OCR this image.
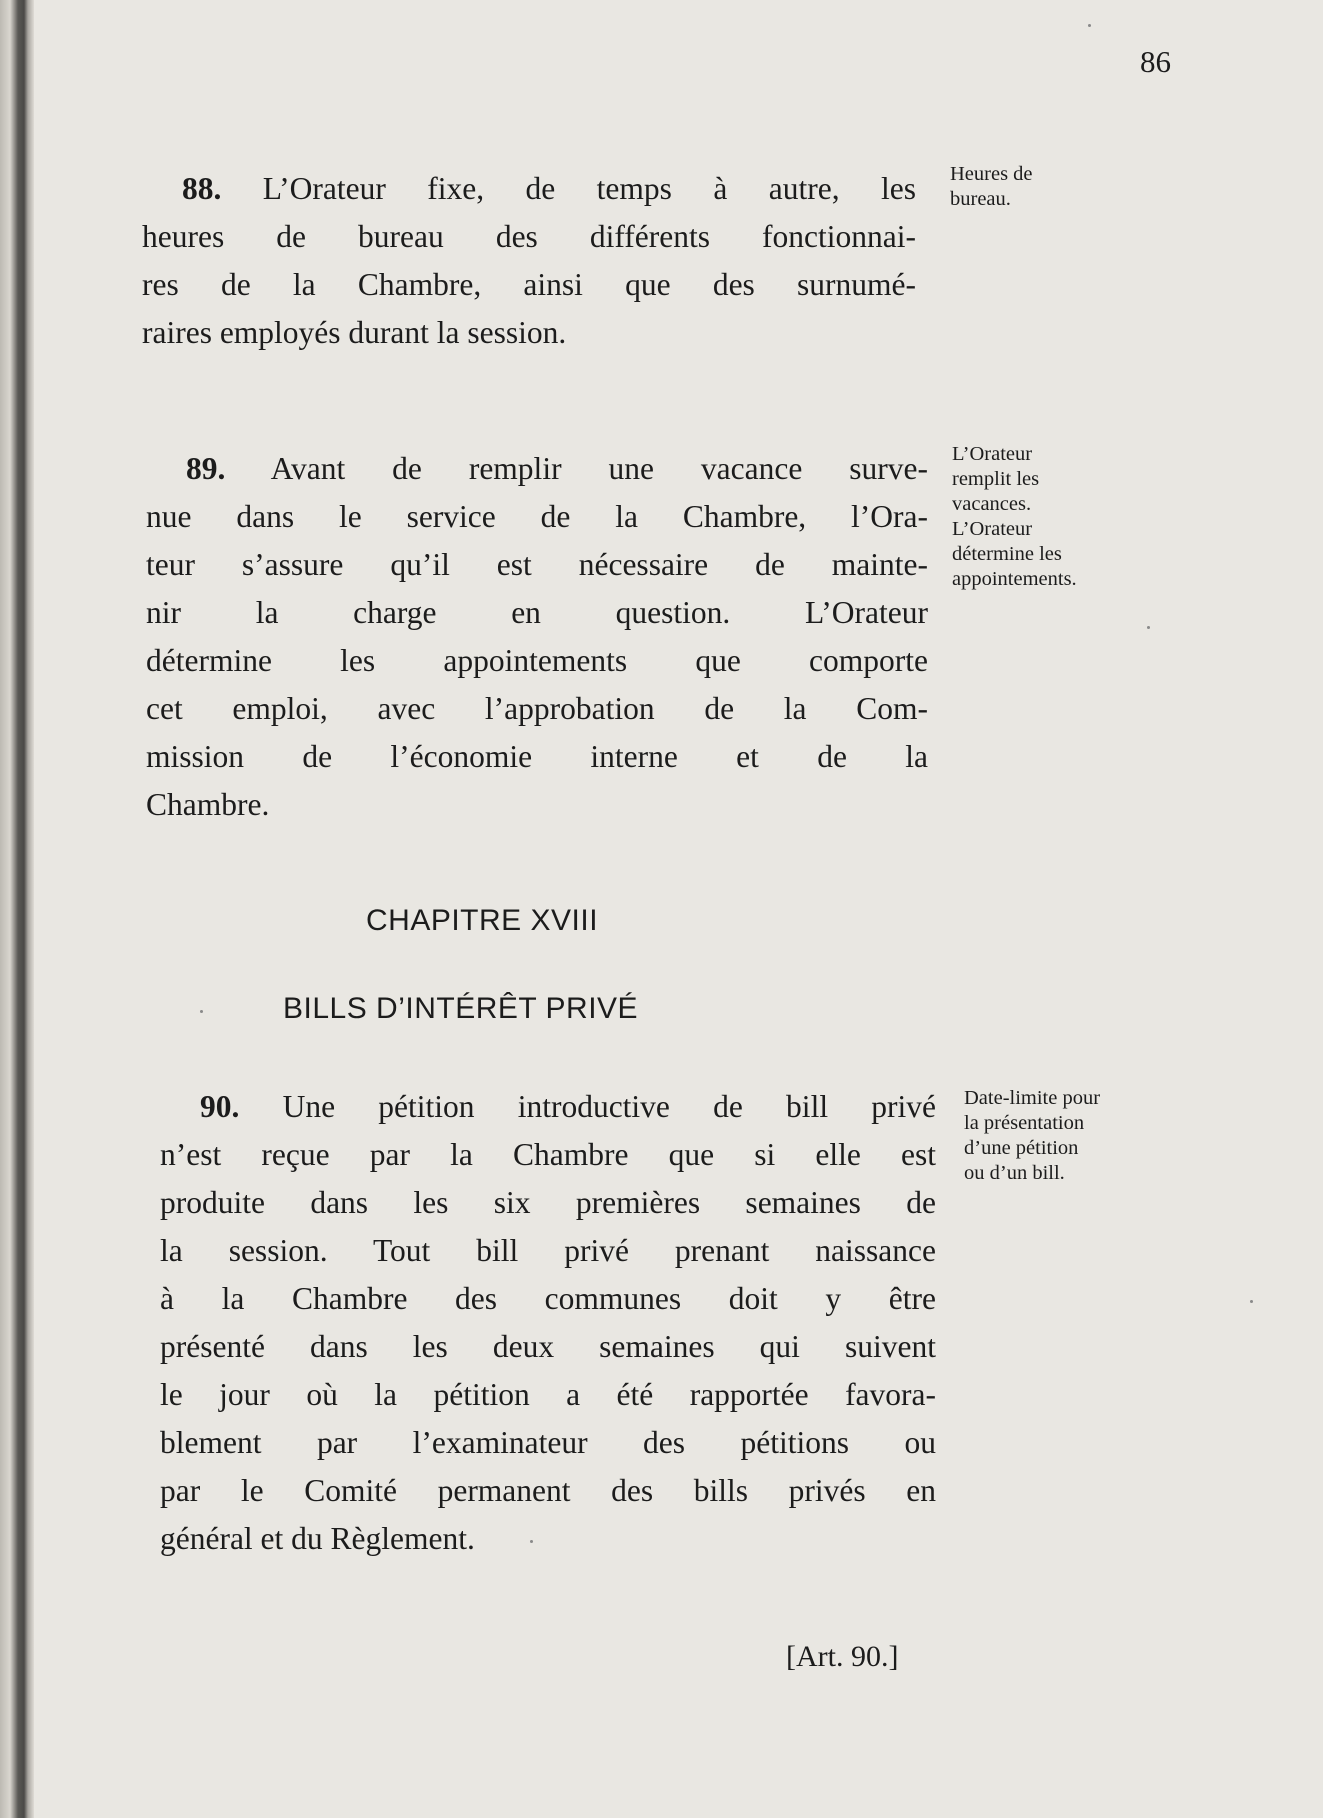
86
88. L’Orateur fixe, de temps à autre, les
heures de bureau des différents fonctionnai-
res de la Chambre, ainsi que des surnumé-
raires employés durant la session.
Heures de
bureau.
89. Avant de remplir une vacance surve-
nue dans le service de la Chambre, l’Ora-
teur s’assure qu’il est nécessaire de mainte-
nir la charge en question. L’Orateur
détermine les appointements que comporte
cet emploi, avec l’approbation de la Com-
mission de l’économie interne et de la
Chambre.
L’Orateur
remplit les
vacances.
L’Orateur
détermine les
appointements.
CHAPITRE XVIII
BILLS D’INTÉRÊT PRIVÉ
90. Une pétition introductive de bill privé
n’est reçue par la Chambre que si elle est
produite dans les six premières semaines de
la session. Tout bill privé prenant naissance
à la Chambre des communes doit y être
présenté dans les deux semaines qui suivent
le jour où la pétition a été rapportée favora-
blement par l’examinateur des pétitions ou
par le Comité permanent des bills privés en
général et du Règlement.
Date-limite pour
la présentation
d’une pétition
ou d’un bill.
[Art. 90.]
